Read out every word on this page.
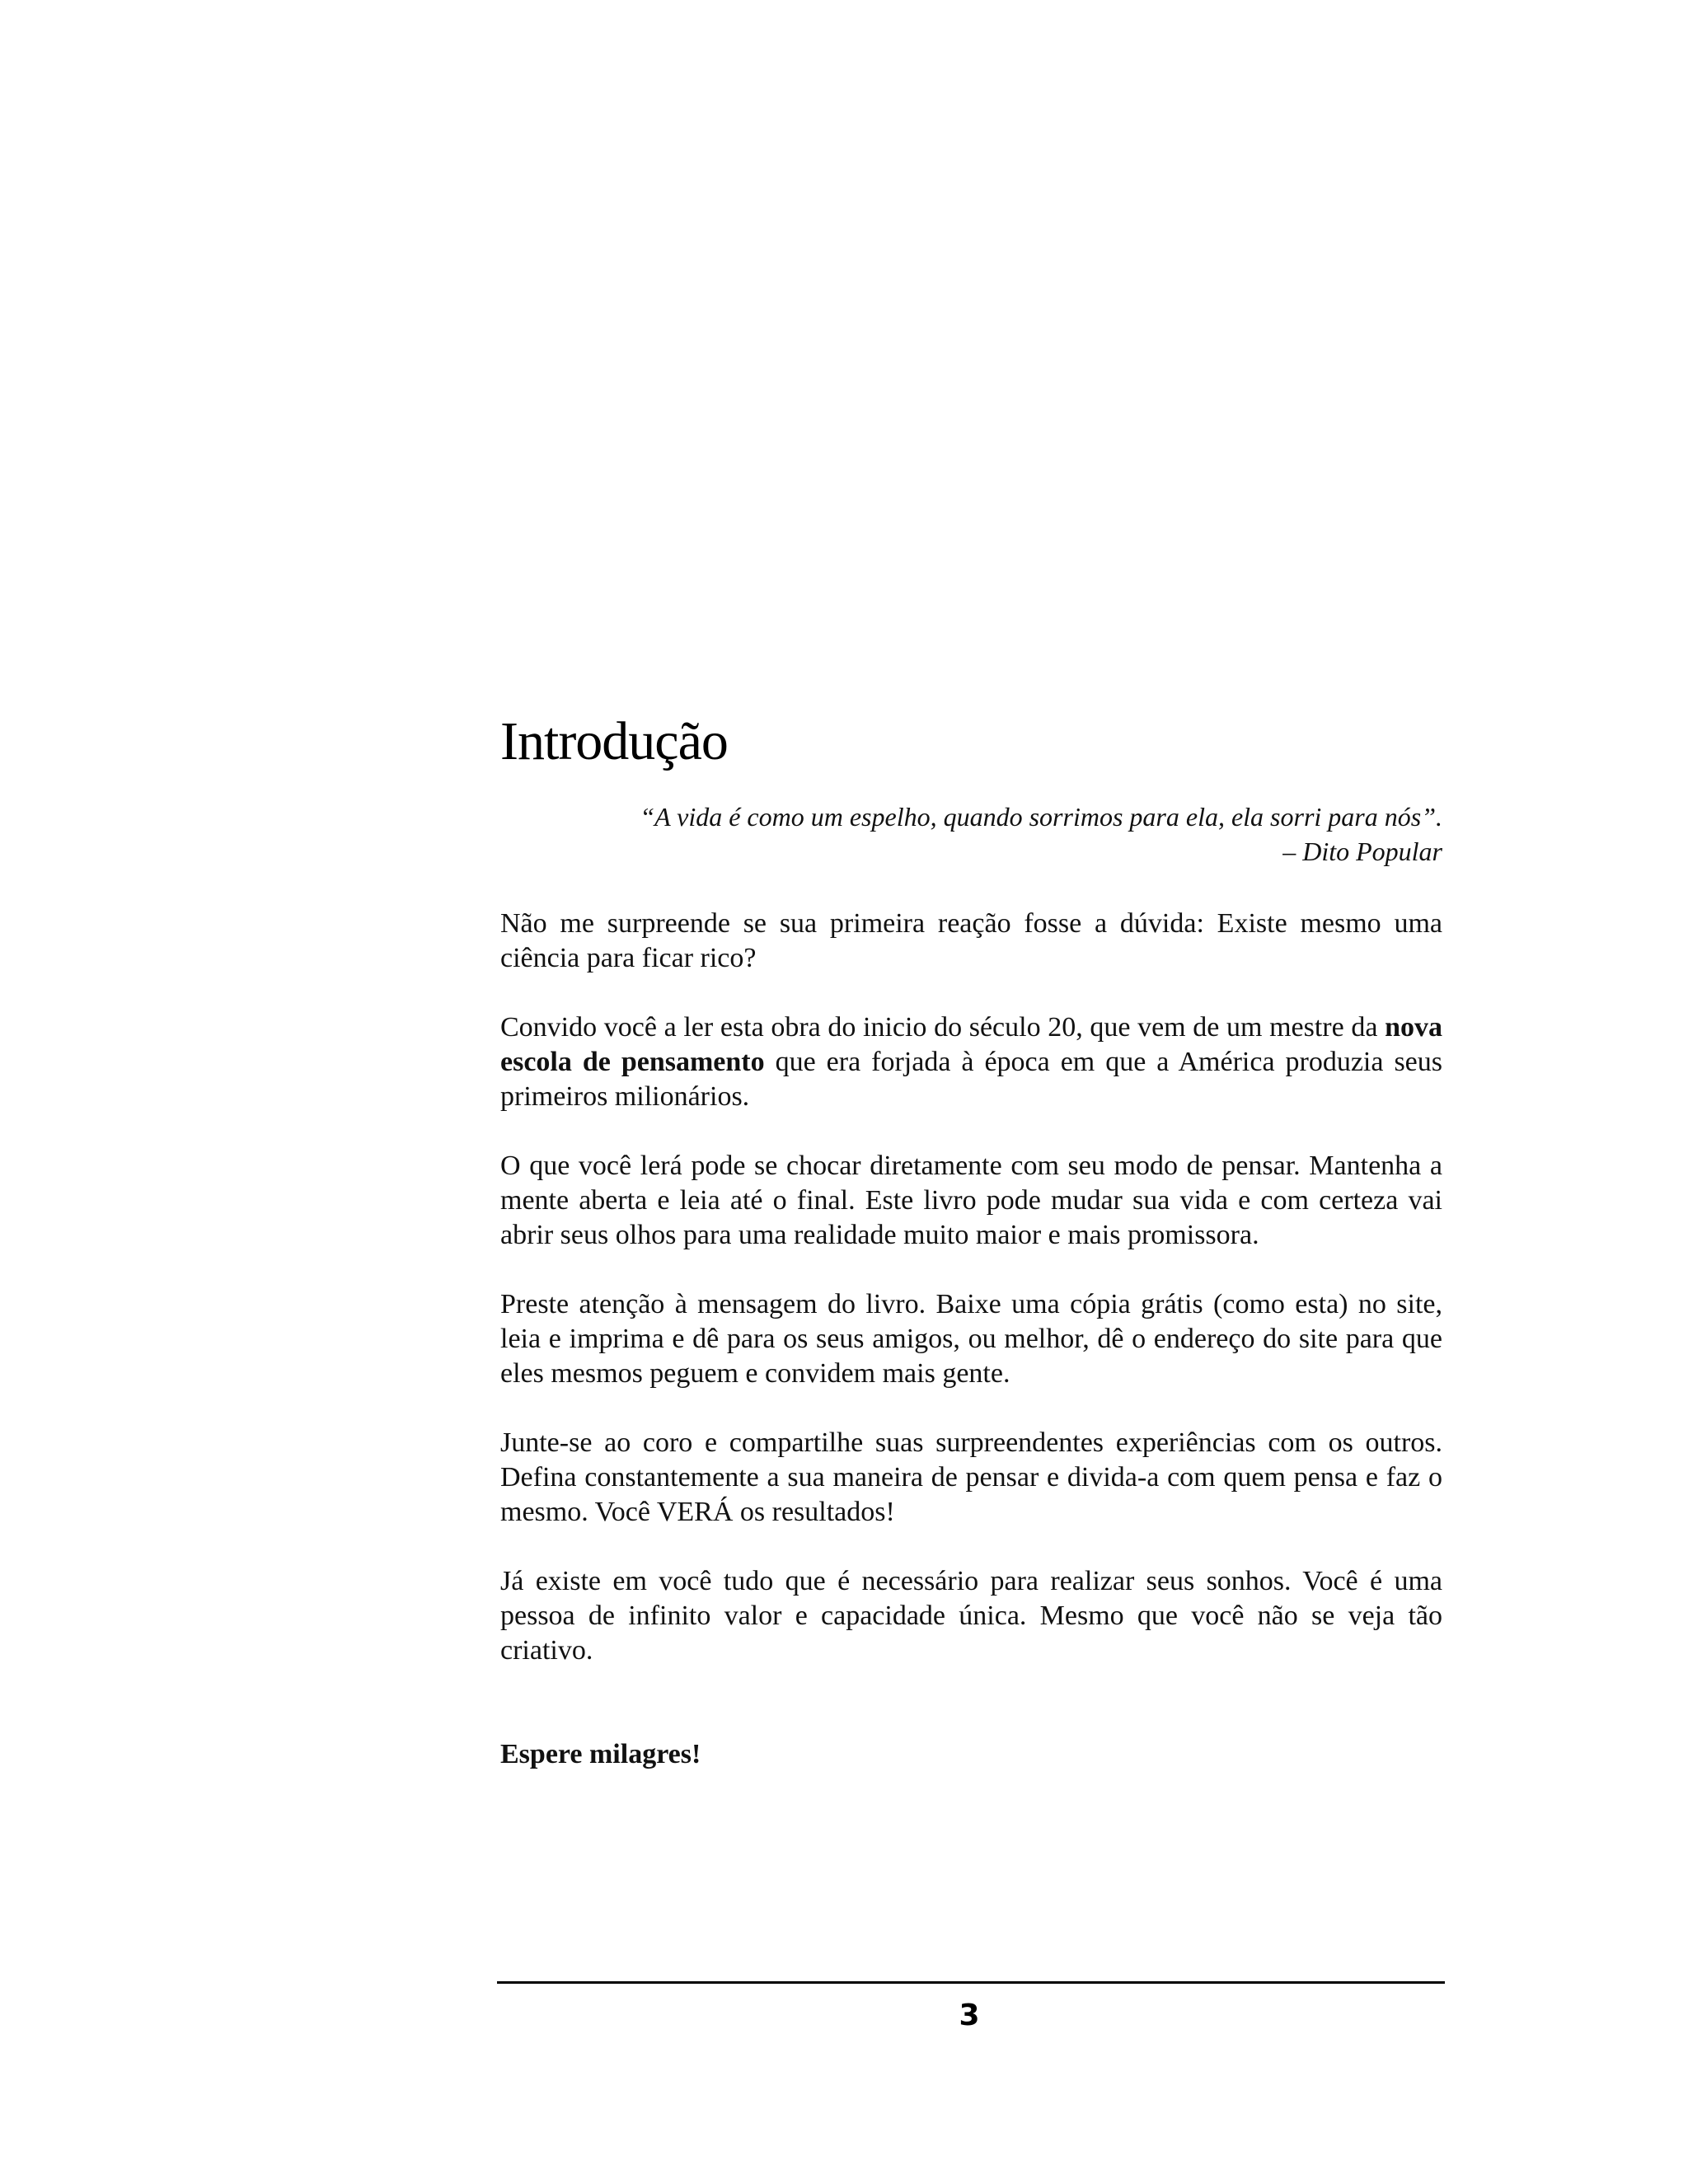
Introdução
“A vida é como um espelho, quando sorrimos para ela, ela sorri para nós”.
– Dito Popular

Não me surpreende se sua primeira reação fosse a dúvida: Existe mesmo uma ciência para ficar rico?

Convido você a ler esta obra do inicio do século 20, que vem de um mestre da nova escola de pensamento que era forjada à época em que a América produzia seus primeiros milionários.

O que você lerá pode se chocar diretamente com seu modo de pensar. Mantenha a mente aberta e leia até o final. Este livro pode mudar sua vida e com certeza vai abrir seus olhos para uma realidade muito maior e mais promissora.

Preste atenção à mensagem do livro. Baixe uma cópia grátis (como esta) no site, leia e imprima e dê para os seus amigos, ou melhor, dê o endereço do site para que eles mesmos peguem e convidem mais gente.

Junte-se ao coro e compartilhe suas surpreendentes experiências com os outros. Defina constantemente a sua maneira de pensar e divida-a com quem pensa e faz o mesmo. Você VERÁ os resultados!

Já existe em você tudo que é necessário para realizar seus sonhos. Você é uma pessoa de infinito valor e capacidade única. Mesmo que você não se veja tão criativo.

Espere milagres!

3
